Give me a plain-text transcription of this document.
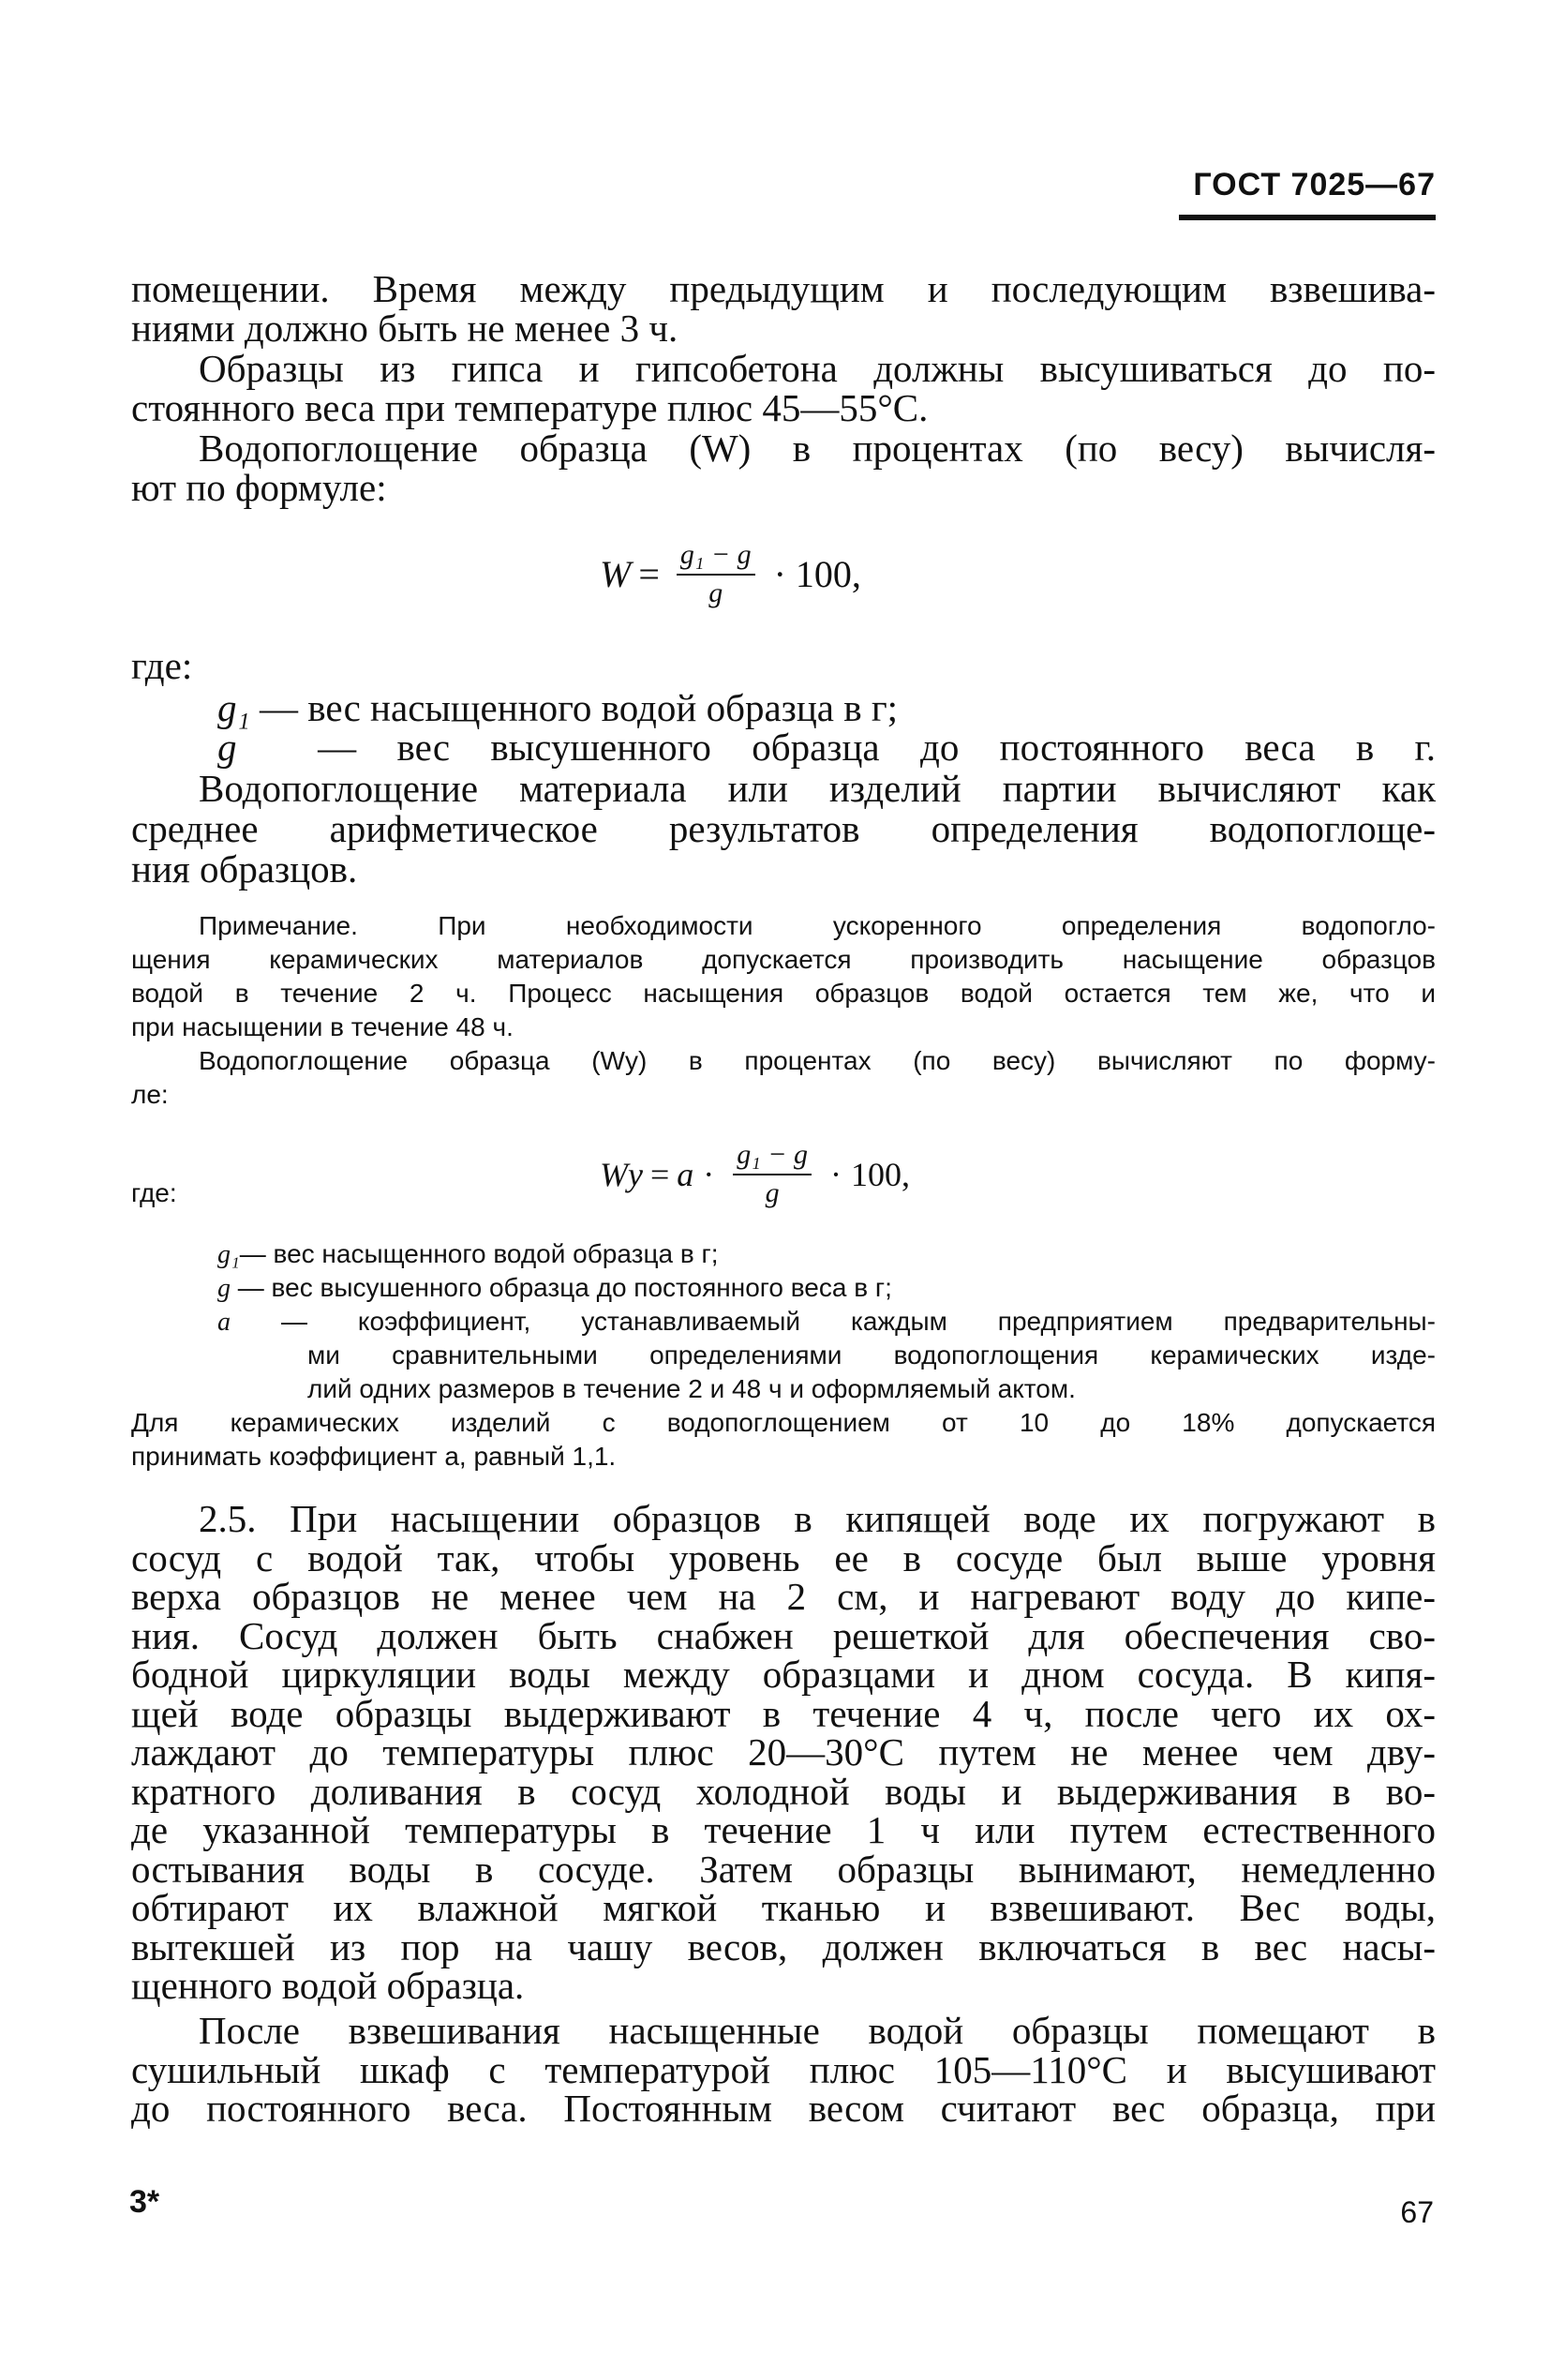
ГОСТ 7025—67
помещении. Время между предыдущим и последующим взвешива-
ниями должно быть не менее 3 ч.
Образцы из гипса и гипсобетона должны высушиваться до по-
стоянного веса при температуре плюс 45—55°С.
Водопоглощение образца (W) в процентах (по весу) вычисля-
ют по формуле:
$W = \frac{\text{g₁ − g}}{g} \cdot 100$,
где:
g₁ — вес насыщенного водой образца в г;
g — вес высушенного образца до постоянного веса в г.
Водопоглощение материала или изделий партии вычисляют как
среднее арифметическое результатов определения водопоглоще-
ния образцов.
Примечание. При необходимости ускоренного определения водопогло-
щения керамических материалов допускается производить насыщение образцов
водой в течение 2 ч. Процесс насыщения образцов водой остается тем же, что и
при насыщении в течение 48 ч.
Водопоглощение образца (Wу) в процентах (по весу) вычисляют по форму-
ле:
где:	Wу = $a \cdot \frac{\text{g₁ − g}}{g} \cdot 100$,
g₁— вес насыщенного водой образца в г;
g — вес высушенного образца до постоянного веса в г;
a — коэффициент, устанавливаемый каждым предприятием предварительны-
ми сравнительными определениями водопоглощения керамических изде-
лий одних размеров в течение 2 и 48 ч и оформляемый актом.
Для керамических изделий с водопоглощением от 10 до 18% допускается
принимать коэффициент a, равный 1,1.
2.5. При насыщении образцов в кипящей воде их погружают в
сосуд с водой так, чтобы уровень ее в сосуде был выше уровня
верха образцов не менее чем на 2 см, и нагревают воду до кипе-
ния. Сосуд должен быть снабжен решеткой для обеспечения сво-
бодной циркуляции воды между образцами и дном сосуда. В кипя-
щей воде образцы выдерживают в течение 4 ч, после чего их ох-
лаждают до температуры плюс 20—30°С путем не менее чем дву-
кратного доливания в сосуд холодной воды и выдерживания в во-
де указанной температуры в течение 1 ч или путем естественного
остывания воды в сосуде. Затем образцы вынимают, немедленно
обтирают их влажной мягкой тканью и взвешивают. Вес воды,
вытекшей из пор на чашу весов, должен включаться в вес насы-
щенного водой образца.
После взвешивания насыщенные водой образцы помещают в
сушильный шкаф с температурой плюс 105—110°С и высушивают
до постоянного веса. Постоянным весом считают вес образца, при
3*	67
